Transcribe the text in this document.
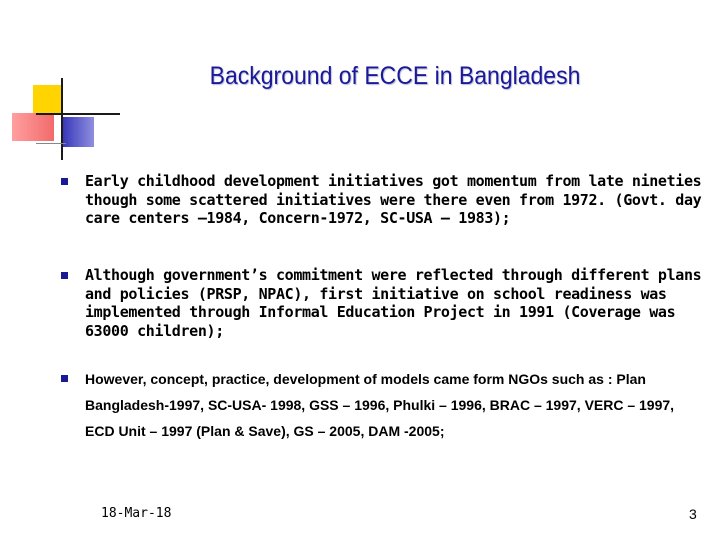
Background of ECCE in Bangladesh
Early childhood development initiatives got momentum from late nineties though some scattered initiatives were there even from 1972. (Govt. day care centers –1984, Concern-1972, SC-USA – 1983);
Although government’s commitment were reflected through different plans and policies (PRSP, NPAC), first initiative on school readiness was implemented through Informal Education Project in 1991 (Coverage was 63000 children);
However, concept, practice, development of models came form NGOs such as : Plan Bangladesh-1997, SC-USA- 1998, GSS – 1996, Phulki – 1996, BRAC – 1997, VERC – 1997, ECD Unit – 1997 (Plan & Save), GS – 2005, DAM -2005;
18-Mar-18	3
